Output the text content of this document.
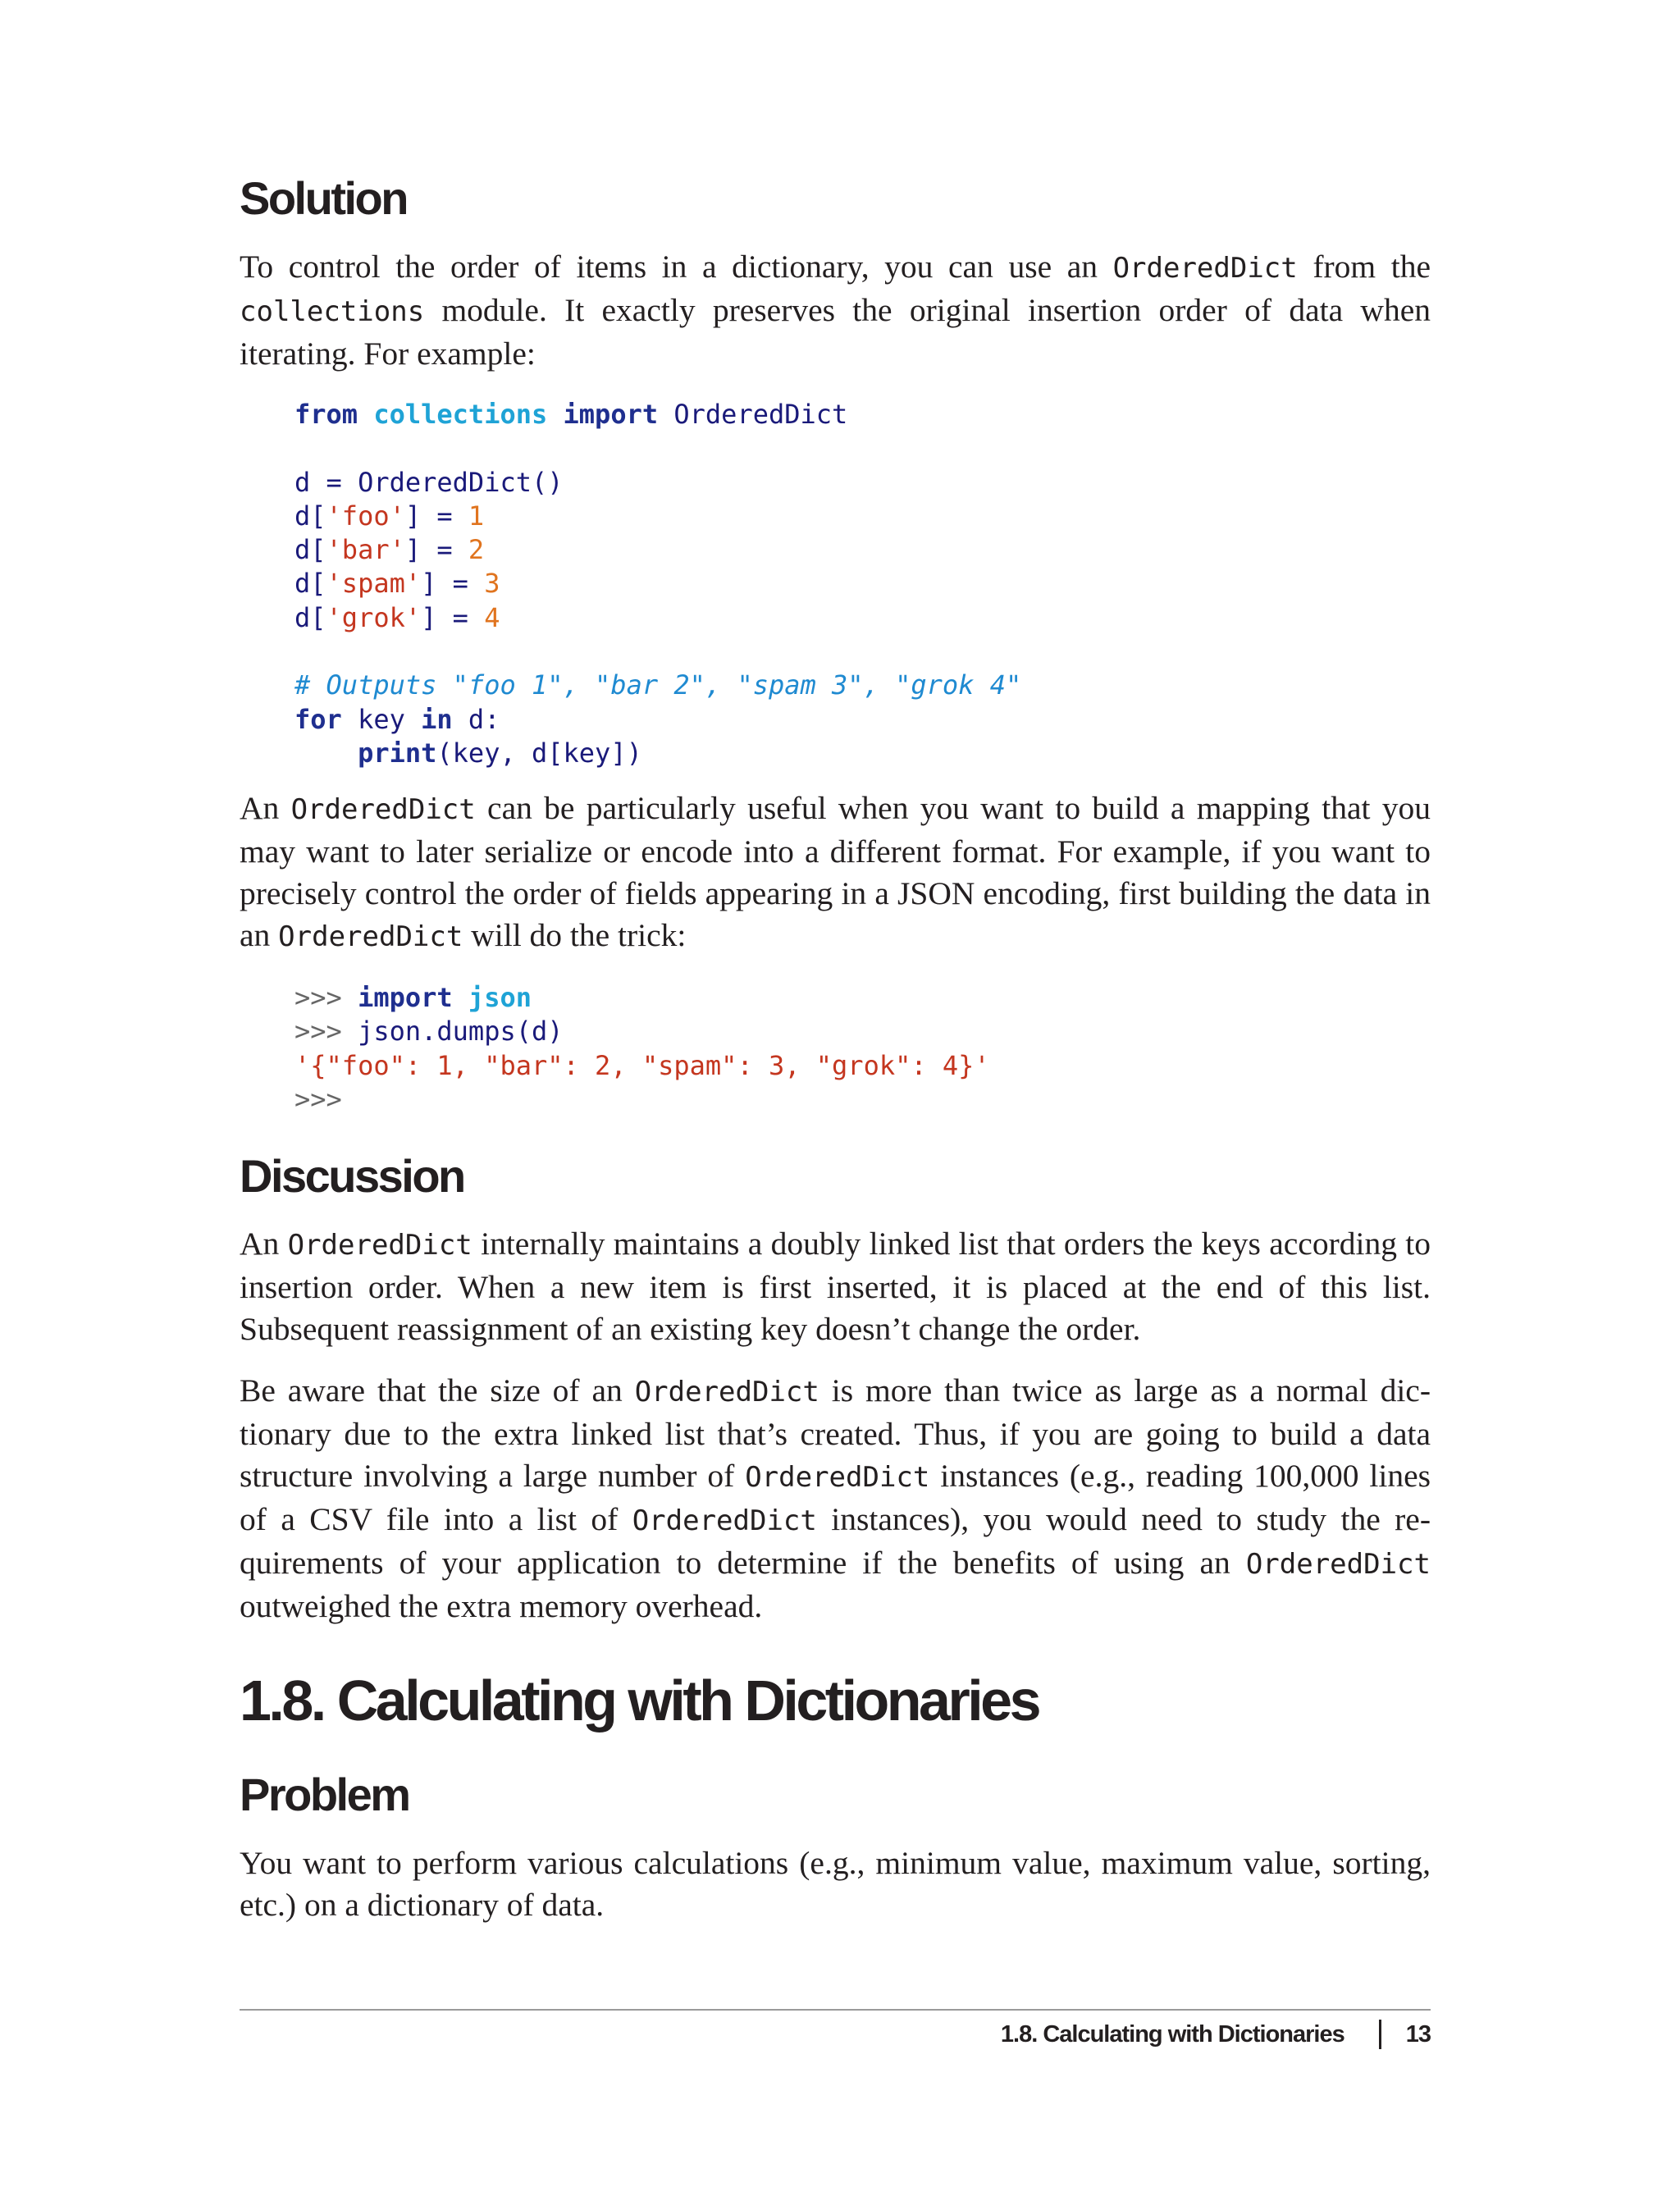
Solution

To control the order of items in a dictionary, you can use an OrderedDict from the collections module. It exactly preserves the original insertion order of data when iterating. For example:

from collections import OrderedDict
d = OrderedDict()
d['foo'] = 1
d['bar'] = 2
d['spam'] = 3
d['grok'] = 4
# Outputs "foo 1", "bar 2", "spam 3", "grok 4"
for key in d:
print(key, d[key])

An OrderedDict can be particularly useful when you want to build a mapping that you may want to later serialize or encode into a different format. For example, if you want to precisely control the order of fields appearing in a JSON encoding, first building the data in an OrderedDict will do the trick:

>>> import json
>>> json.dumps(d)
'{"foo": 1, "bar": 2, "spam": 3, "grok": 4}'
>>>
Discussion

An OrderedDict internally maintains a doubly linked list that orders the keys according to insertion order. When a new item is first inserted, it is placed at the end of this list. Subsequent reassignment of an existing key doesn’t change the order.

Be aware that the size of an OrderedDict is more than twice as large as a normal dictionary due to the extra linked list that’s created. Thus, if you are going to build a data structure involving a large number of OrderedDict instances (e.g., reading 100,000 lines of a CSV file into a list of OrderedDict instances), you would need to study the requirements of your application to determine if the benefits of using an OrderedDict outweighed the extra memory overhead.

1.8. Calculating with Dictionaries
Problem

You want to perform various calculations (e.g., minimum value, maximum value, sorting, etc.) on a dictionary of data.

1.8. Calculating with Dictionaries	13
